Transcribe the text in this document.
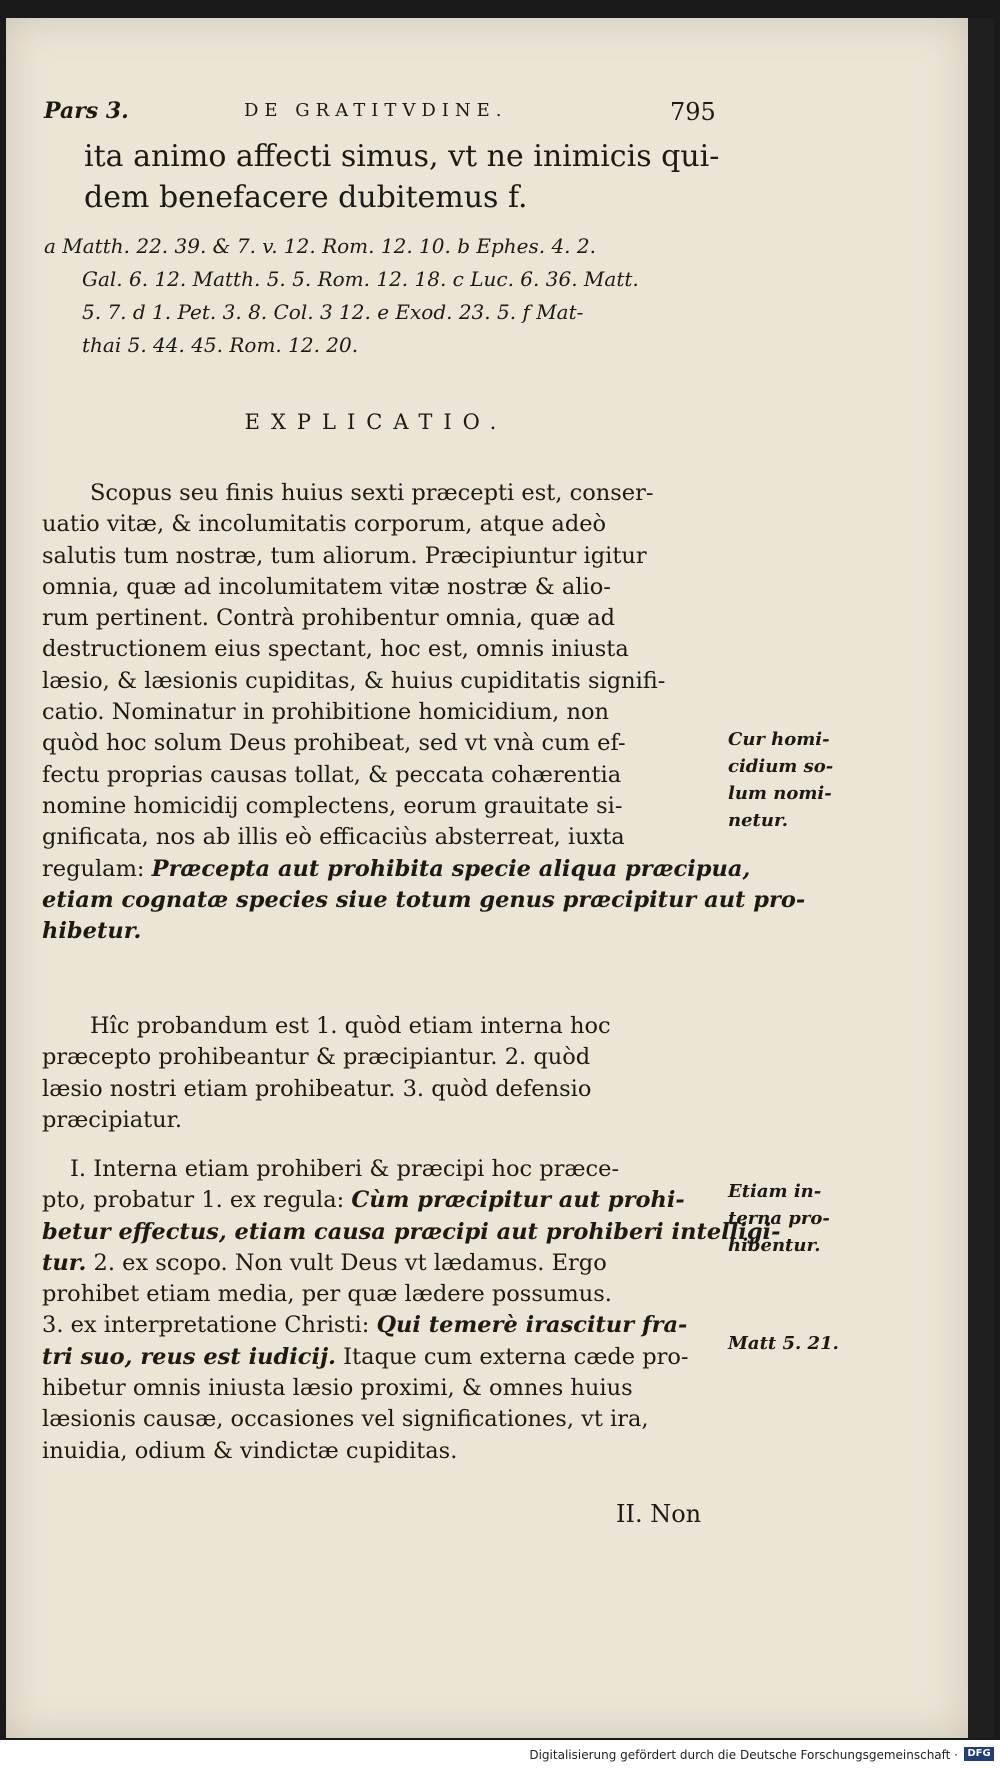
Pars 3.	DE GRATITVDINE.	795
ita animo affecti simus, vt ne inimicis qui-
dem benefacere dubitemus f.
a Matth. 22. 39. & 7. v. 12. Rom. 12. 10. b Ephes. 4. 2.
Gal. 6. 12. Matth. 5. 5. Rom. 12. 18. c Luc. 6. 36. Matt.
5. 7. d 1. Pet. 3. 8. Col. 3 12. e Exod. 23. 5. f Mat-
thai 5. 44. 45. Rom. 12. 20.
EXPLICATIO.
Scopus seu finis huius sexti præcepti est, conser-
uatio vitæ, & incolumitatis corporum, atque adeò
salutis tum nostræ, tum aliorum. Præcipiuntur igitur
omnia, quæ ad incolumitatem vitæ nostræ & alio-
rum pertinent. Contrà prohibentur omnia, quæ ad
destructionem eius spectant, hoc est, omnis iniusta
læsio, & læsionis cupiditas, & huius cupiditatis signifi-
catio. Nominatur in prohibitione homicidium, non
quòd hoc solum Deus prohibeat, sed vt vnà cum ef-
fectu proprias causas tollat, & peccata cohærentia
nomine homicidij complectens, eorum grauitate si-
gnificata, nos ab illis eò efficaciùs absterreat, iuxta
regulam: Præcepta aut prohibita specie aliqua præcipua,
etiam cognatæ species siue totum genus præcipitur aut pro-
hibetur.
Hîc probandum est 1. quòd etiam interna hoc
præcepto prohibeantur & præcipiantur. 2. quòd
læsio nostri etiam prohibeatur. 3. quòd defensio
præcipiatur.
I. Interna etiam prohiberi & præcipi hoc præce-
pto, probatur 1. ex regula: Cùm præcipitur aut prohi-
betur effectus, etiam causa præcipi aut prohiberi intelligi-
tur. 2. ex scopo. Non vult Deus vt lædamus. Ergo
prohibet etiam media, per quæ lædere possumus.
3. ex interpretatione Christi: Qui temerè irascitur fra-
tri suo, reus est iudicij. Itaque cum externa cæde pro-
hibetur omnis iniusta læsio proximi, & omnes huius
læsionis causæ, occasiones vel significationes, vt ira,
inuidia, odium & vindictæ cupiditas.
Cur homi-
cidium so-
lum nomi-
netur.
Etiam in-
terna pro-
hibentur.
Matt 5. 21.
II. Non
Digitalisierung gefördert durch die Deutsche Forschungsgemeinschaft · DFG
